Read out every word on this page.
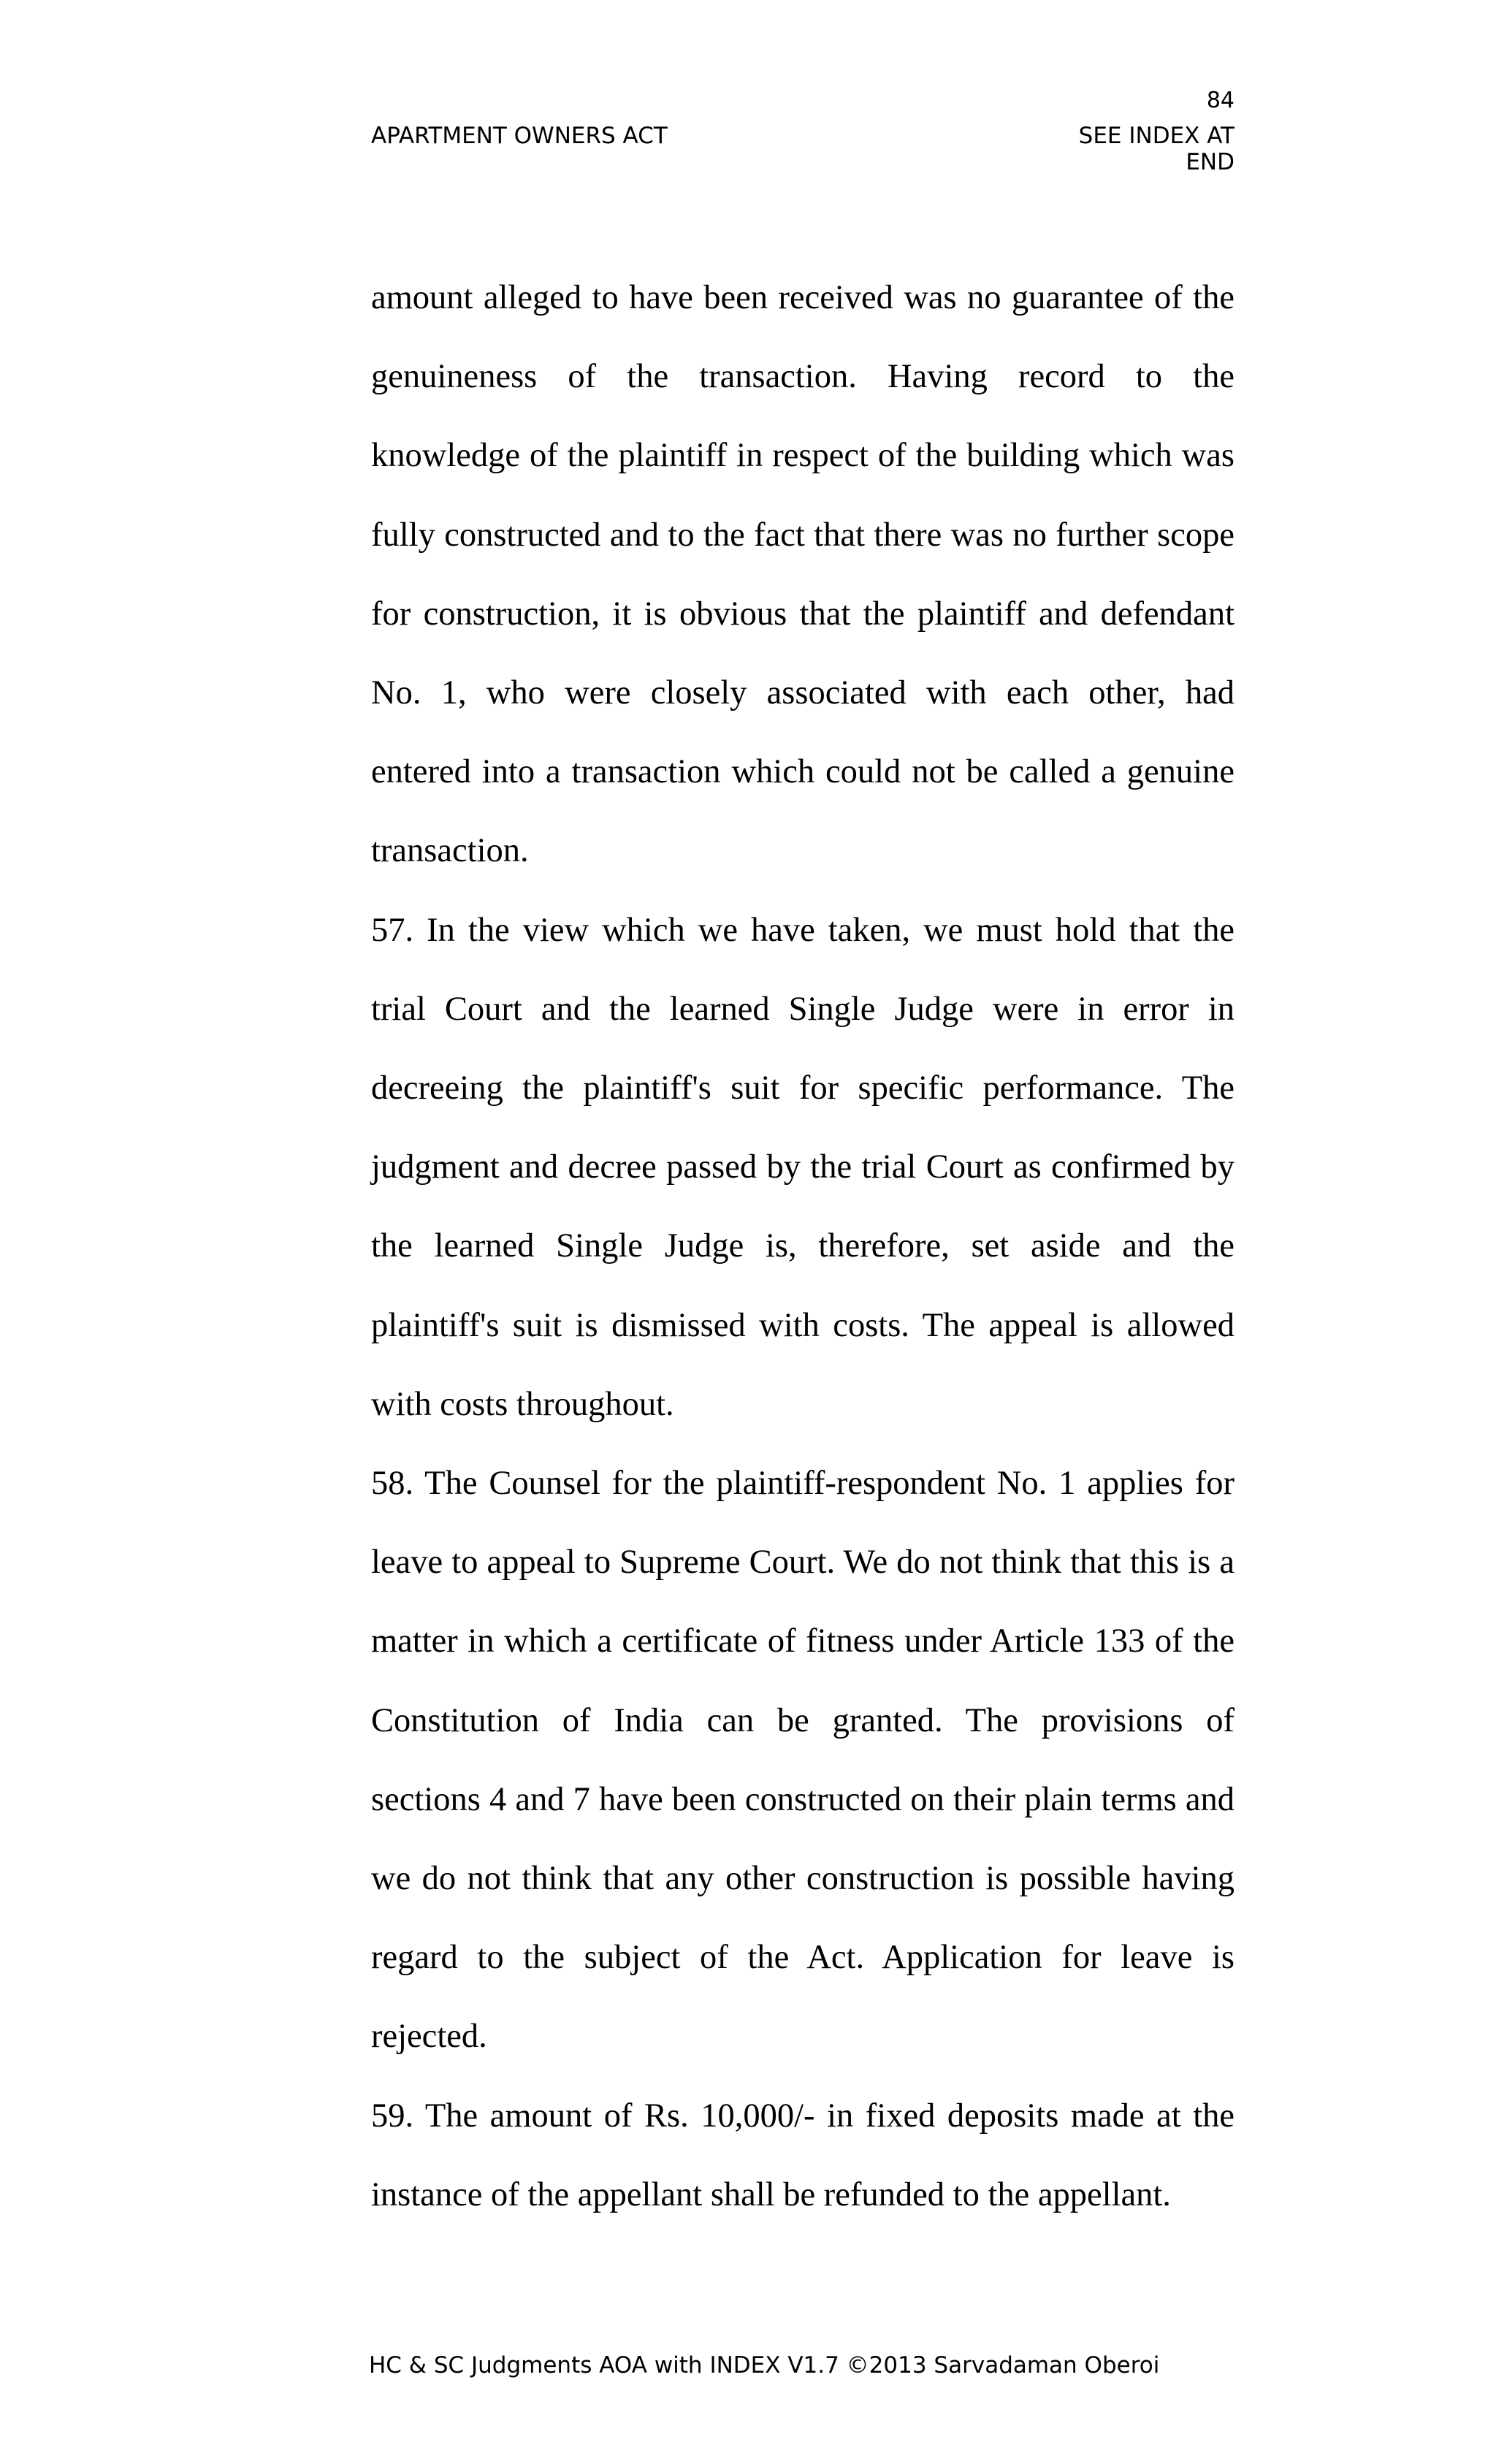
84
APARTMENT OWNERS ACT	SEE INDEX AT END

amount alleged to have been received was no guarantee of the genuineness of the transaction. Having record to the knowledge of the plaintiff in respect of the building which was fully constructed and to the fact that there was no further scope for construction, it is obvious that the plaintiff and defendant No. 1, who were closely associated with each other, had entered into a transaction which could not be called a genuine transaction.

57. In the view which we have taken, we must hold that the trial Court and the learned Single Judge were in error in decreeing the plaintiff's suit for specific performance. The judgment and decree passed by the trial Court as confirmed by the learned Single Judge is, therefore, set aside and the plaintiff's suit is dismissed with costs. The appeal is allowed with costs throughout.

58. The Counsel for the plaintiff-respondent No. 1 applies for leave to appeal to Supreme Court. We do not think that this is a matter in which a certificate of fitness under Article 133 of the Constitution of India can be granted. The provisions of sections 4 and 7 have been constructed on their plain terms and we do not think that any other construction is possible having regard to the subject of the Act. Application for leave is rejected.

59. The amount of Rs. 10,000/- in fixed deposits made at the instance of the appellant shall be refunded to the appellant.

HC & SC Judgments AOA with INDEX V1.7 ©2013 Sarvadaman Oberoi
